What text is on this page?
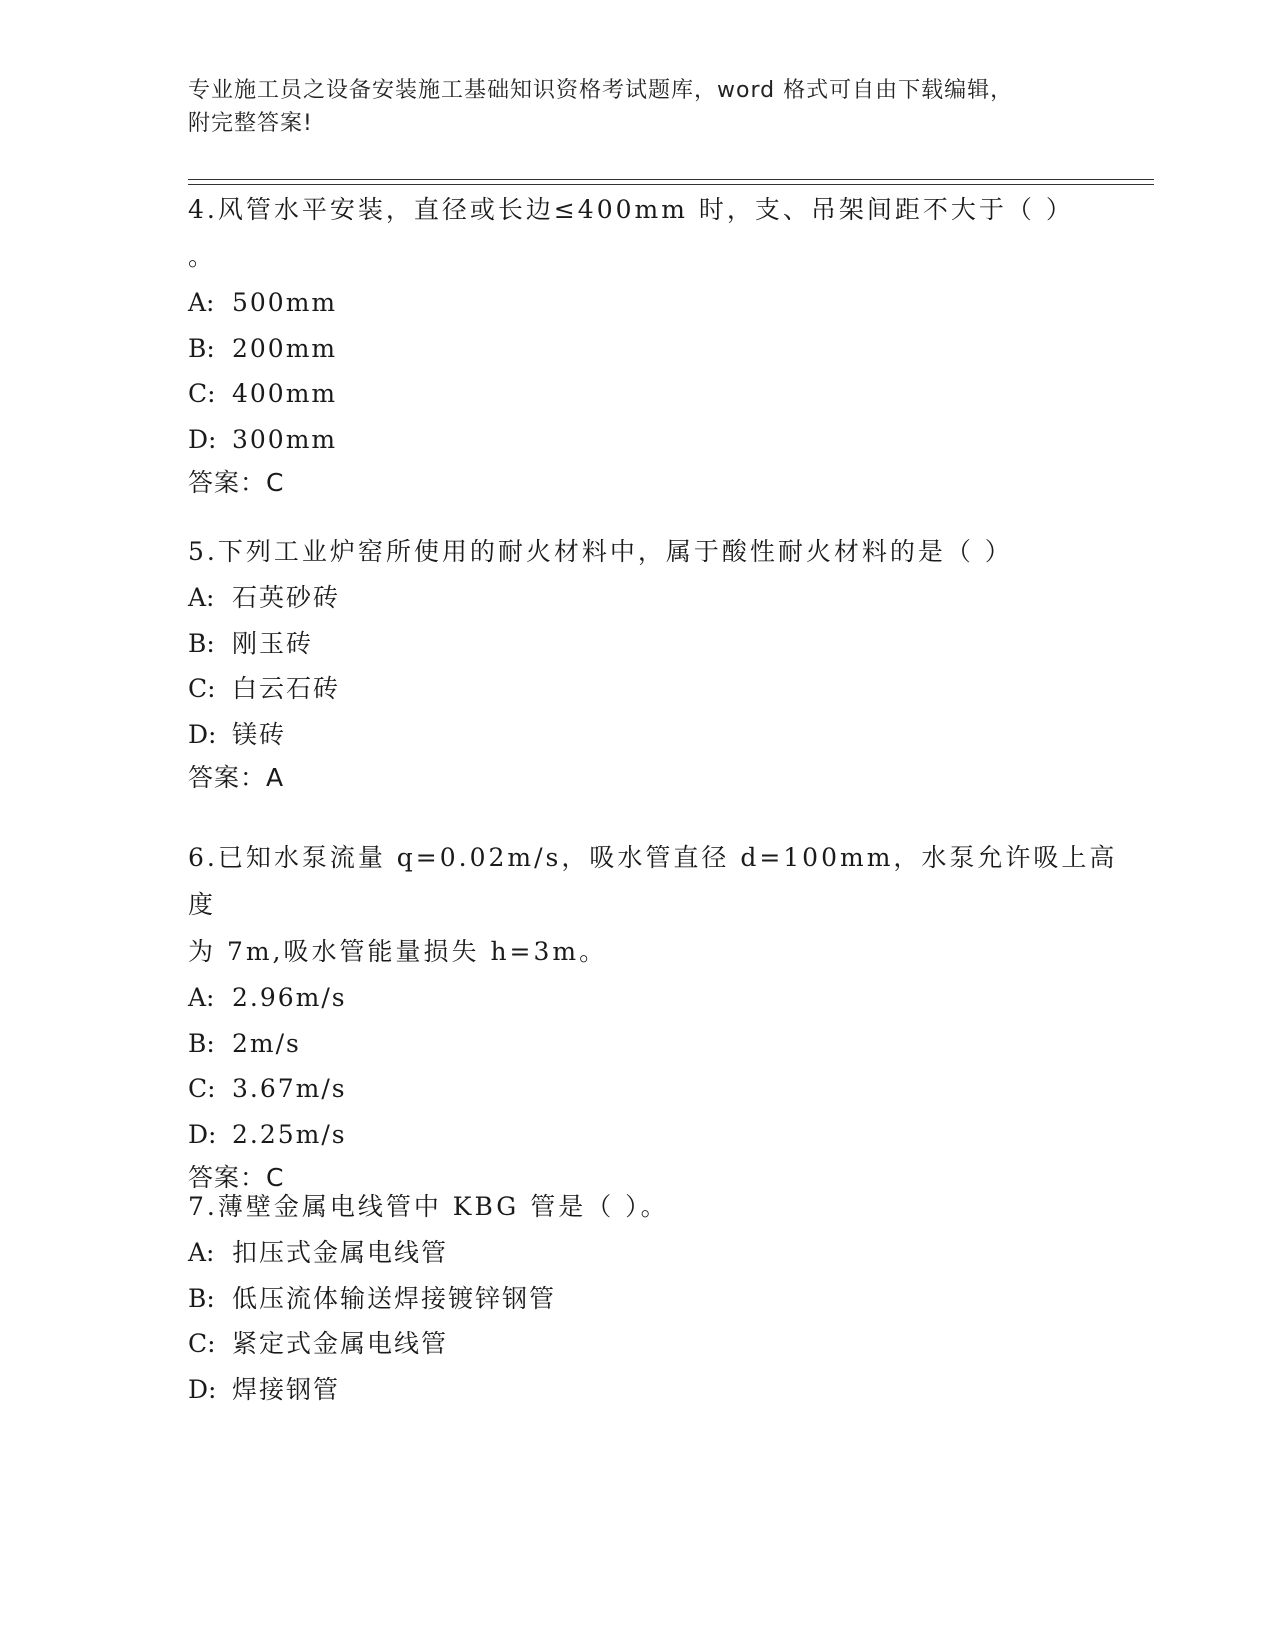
专业施工员之设备安装施工基础知识资格考试题库，word 格式可自由下载编辑，
附完整答案!
4.风管水平安装，直径或长边≤400mm 时，支、吊架间距不大于（ ）
。
A: 500mm
B: 200mm
C: 400mm
D: 300mm
答案：C
5.下列工业炉窑所使用的耐火材料中，属于酸性耐火材料的是（ ）
A: 石英砂砖
B: 刚玉砖
C: 白云石砖
D: 镁砖
答案：A
6.已知水泵流量 q=0.02m/s，吸水管直径 d=100mm，水泵允许吸上高度
为 7m,吸水管能量损失 h=3m。
A: 2.96m/s
B: 2m/s
C: 3.67m/s
D: 2.25m/s
答案：C
7.薄壁金属电线管中 KBG 管是（ ）。
A: 扣压式金属电线管
B: 低压流体输送焊接镀锌钢管
C: 紧定式金属电线管
D: 焊接钢管
